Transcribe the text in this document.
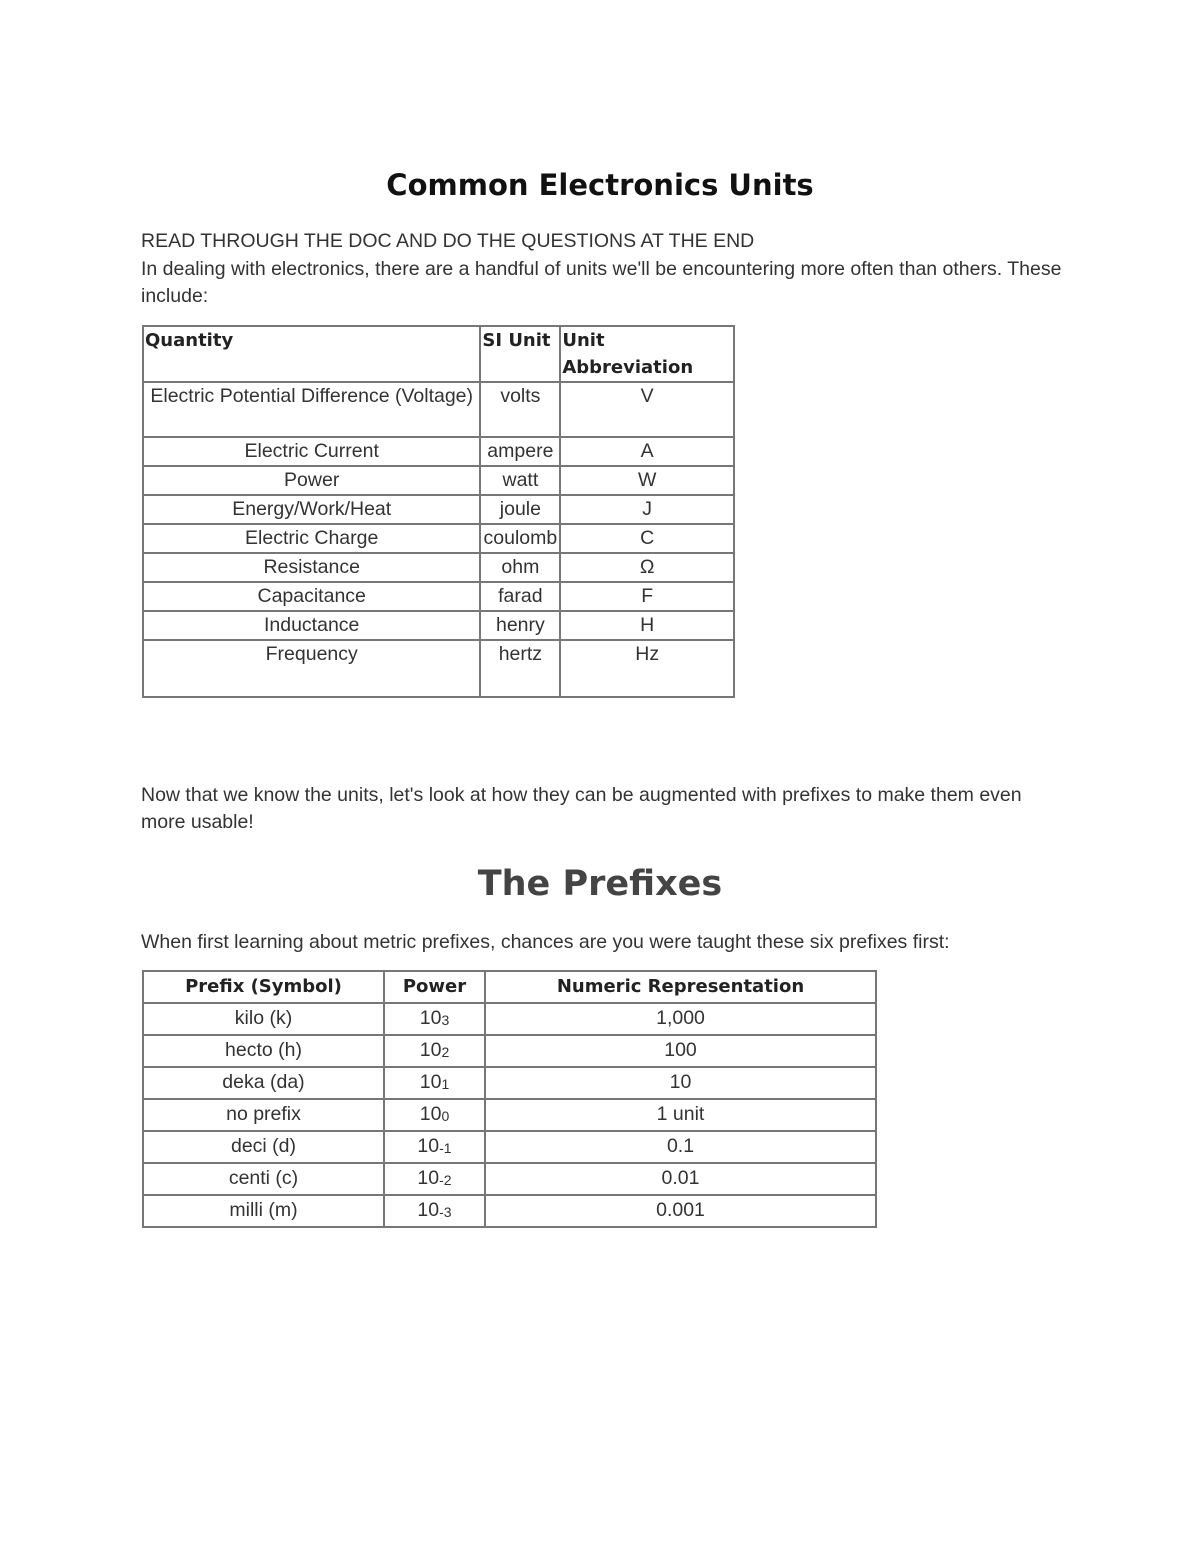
Common Electronics Units
READ THROUGH THE DOC AND DO THE QUESTIONS AT THE END
In dealing with electronics, there are a handful of units we'll be encountering more often than others. These include:
Quantity	SI Unit	Unit Abbreviation
Electric Potential Difference (Voltage)	volts	V
Electric Current	ampere	A
Power	watt	W
Energy/Work/Heat	joule	J
Electric Charge	coulomb	C
Resistance	ohm	Ω
Capacitance	farad	F
Inductance	henry	H
Frequency	hertz	Hz
Now that we know the units, let's look at how they can be augmented with prefixes to make them even more usable!
The Prefixes
When first learning about metric prefixes, chances are you were taught these six prefixes first:
Prefix (Symbol)	Power	Numeric Representation
kilo (k)	103	1,000
hecto (h)	102	100
deka (da)	101	10
no prefix	100	1 unit
deci (d)	10-1	0.1
centi (c)	10-2	0.01
milli (m)	10-3	0.001
